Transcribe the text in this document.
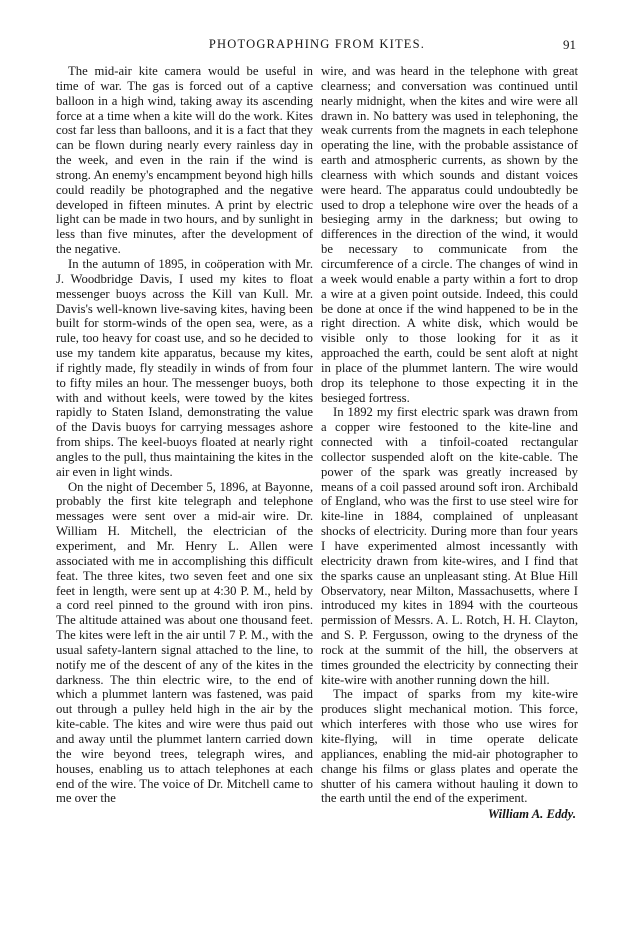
PHOTOGRAPHING FROM KITES.	91

The mid-air kite camera would be useful in time of war. The gas is forced out of a captive balloon in a high wind, taking away its ascending force at a time when a kite will do the work. Kites cost far less than balloons, and it is a fact that they can be flown during nearly every rainless day in the week, and even in the rain if the wind is strong. An enemy's encampment beyond high hills could readily be photographed and the negative developed in fifteen minutes. A print by electric light can be made in two hours, and by sunlight in less than five minutes, after the development of the negative.

In the autumn of 1895, in coöperation with Mr. J. Woodbridge Davis, I used my kites to float messenger buoys across the Kill van Kull. Mr. Davis's well-known live-saving kites, having been built for storm-winds of the open sea, were, as a rule, too heavy for coast use, and so he decided to use my tandem kite apparatus, because my kites, if rightly made, fly steadily in winds of from four to fifty miles an hour. The messenger buoys, both with and without keels, were towed by the kites rapidly to Staten Island, demonstrating the value of the Davis buoys for carrying messages ashore from ships. The keel-buoys floated at nearly right angles to the pull, thus maintaining the kites in the air even in light winds.

On the night of December 5, 1896, at Bayonne, probably the first kite telegraph and telephone messages were sent over a mid-air wire. Dr. William H. Mitchell, the electrician of the experiment, and Mr. Henry L. Allen were associated with me in accomplishing this difficult feat. The three kites, two seven feet and one six feet in length, were sent up at 4:30 P. M., held by a cord reel pinned to the ground with iron pins. The altitude attained was about one thousand feet. The kites were left in the air until 7 P. M., with the usual safety-lantern signal attached to the line, to notify me of the descent of any of the kites in the darkness. The thin electric wire, to the end of which a plummet lantern was fastened, was paid out through a pulley held high in the air by the kite-cable. The kites and wire were thus paid out and away until the plummet lantern carried down the wire beyond trees, telegraph wires, and houses, enabling us to attach telephones at each end of the wire. The voice of Dr. Mitchell came to me over the

wire, and was heard in the telephone with great clearness; and conversation was continued until nearly midnight, when the kites and wire were all drawn in. No battery was used in telephoning, the weak currents from the magnets in each telephone operating the line, with the probable assistance of earth and atmospheric currents, as shown by the clearness with which sounds and distant voices were heard. The apparatus could undoubtedly be used to drop a telephone wire over the heads of a besieging army in the darkness; but owing to differences in the direction of the wind, it would be necessary to communicate from the circumference of a circle. The changes of wind in a week would enable a party within a fort to drop a wire at a given point outside. Indeed, this could be done at once if the wind happened to be in the right direction. A white disk, which would be visible only to those looking for it as it approached the earth, could be sent aloft at night in place of the plummet lantern. The wire would drop its telephone to those expecting it in the besieged fortress.

In 1892 my first electric spark was drawn from a copper wire festooned to the kite-line and connected with a tinfoil-coated rectangular collector suspended aloft on the kite-cable. The power of the spark was greatly increased by means of a coil passed around soft iron. Archibald of England, who was the first to use steel wire for kite-line in 1884, complained of unpleasant shocks of electricity. During more than four years I have experimented almost incessantly with electricity drawn from kite-wires, and I find that the sparks cause an unpleasant sting. At Blue Hill Observatory, near Milton, Massachusetts, where I introduced my kites in 1894 with the courteous permission of Messrs. A. L. Rotch, H. H. Clayton, and S. P. Fergusson, owing to the dryness of the rock at the summit of the hill, the observers at times grounded the electricity by connecting their kite-wire with another running down the hill.

The impact of sparks from my kite-wire produces slight mechanical motion. This force, which interferes with those who use wires for kite-flying, will in time operate delicate appliances, enabling the mid-air photographer to change his films or glass plates and operate the shutter of his camera without hauling it down to the earth until the end of the experiment.

William A. Eddy.
